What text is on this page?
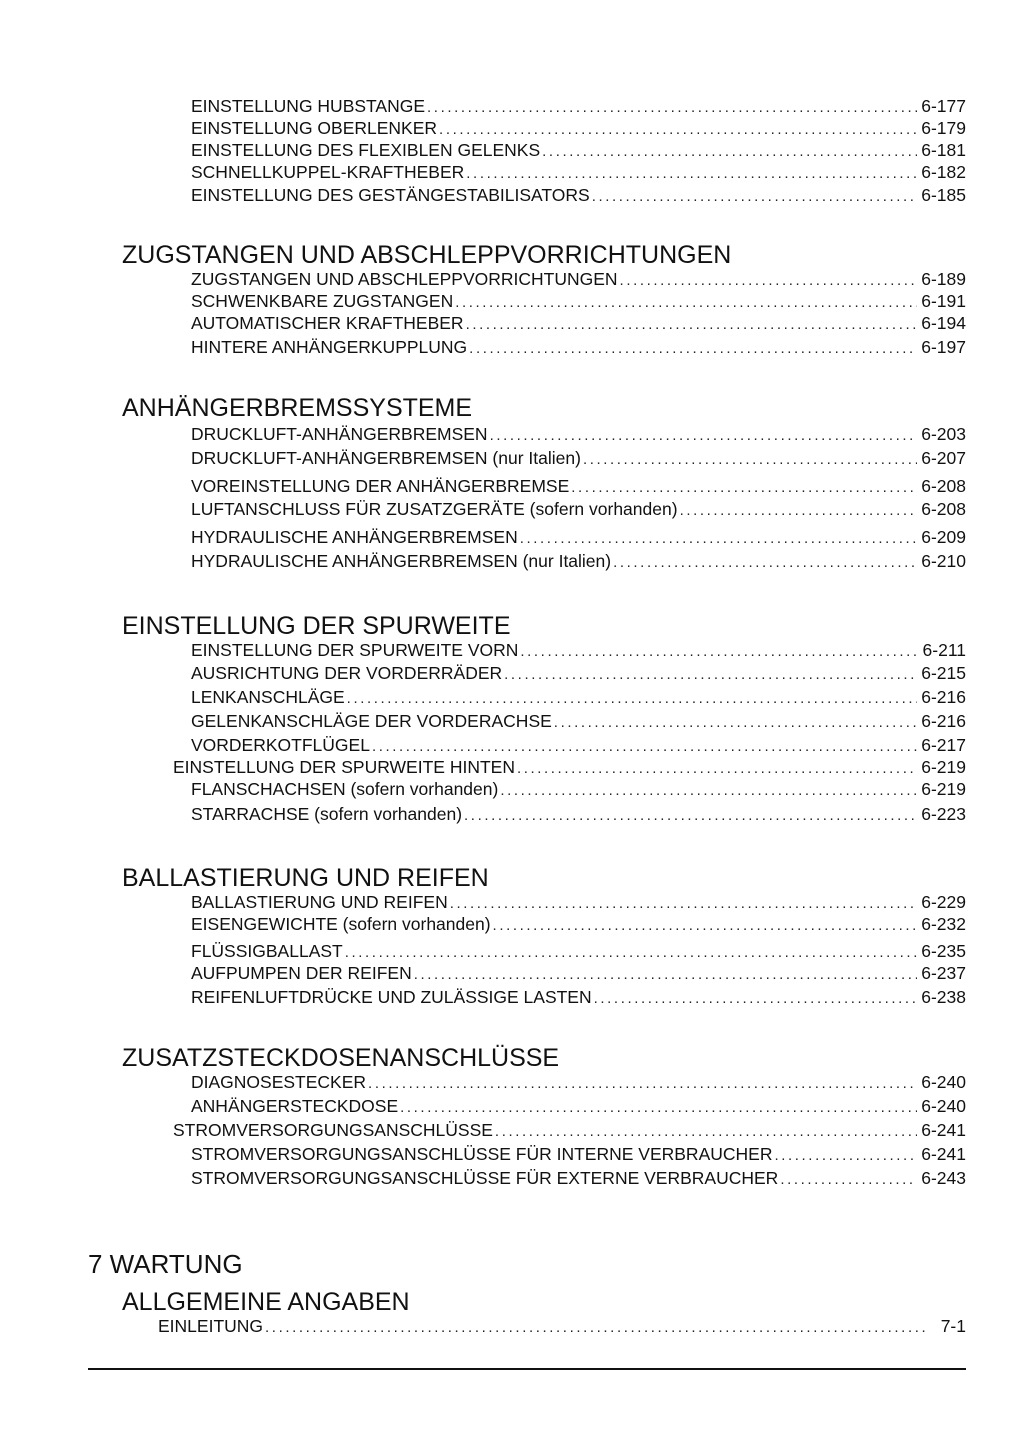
EINSTELLUNG HUBSTANGE .....	6-177
EINSTELLUNG OBERLENKER .....	6-179
EINSTELLUNG DES FLEXIBLEN GELENKS .....	6-181
SCHNELLKUPPEL-KRAFTHEBER .....	6-182
EINSTELLUNG DES GESTÄNGESTABILISATORS .....	6-185
ZUGSTANGEN UND ABSCHLEPPVORRICHTUNGEN
ZUGSTANGEN UND ABSCHLEPPVORRICHTUNGEN .....	6-189
SCHWENKBARE ZUGSTANGEN .....	6-191
AUTOMATISCHER KRAFTHEBER .....	6-194
HINTERE ANHÄNGERKUPPLUNG .....	6-197
ANHÄNGERBREMSSYSTEME
DRUCKLUFT-ANHÄNGERBREMSEN .....	6-203
DRUCKLUFT-ANHÄNGERBREMSEN (nur Italien) .....	6-207
VOREINSTELLUNG DER ANHÄNGERBREMSE .....	6-208
LUFTANSCHLUSS FÜR ZUSATZGERÄTE (sofern vorhanden) .....	6-208
HYDRAULISCHE ANHÄNGERBREMSEN .....	6-209
HYDRAULISCHE ANHÄNGERBREMSEN (nur Italien) .....	6-210
EINSTELLUNG DER SPURWEITE
EINSTELLUNG DER SPURWEITE VORN .....	6-211
AUSRICHTUNG DER VORDERRÄDER .....	6-215
LENKANSCHLÄGE .....	6-216
GELENKANSCHLÄGE DER VORDERACHSE .....	6-216
VORDERKOTFLÜGEL .....	6-217
EINSTELLUNG DER SPURWEITE HINTEN .....	6-219
FLANSCHACHSEN (sofern vorhanden) .....	6-219
STARRACHSE (sofern vorhanden) .....	6-223
BALLASTIERUNG UND REIFEN
BALLASTIERUNG UND REIFEN .....	6-229
EISENGEWICHTE (sofern vorhanden) .....	6-232
FLÜSSIGBALLAST .....	6-235
AUFPUMPEN DER REIFEN .....	6-237
REIFENLUFTDRÜCKE UND ZULÄSSIGE LASTEN .....	6-238
ZUSATZSTECKDOSENANSCHLÜSSE
DIAGNOSESTECKER .....	6-240
ANHÄNGERSTECKDOSE .....	6-240
STROMVERSORGUNGSANSCHLÜSSE .....	6-241
STROMVERSORGUNGSANSCHLÜSSE FÜR INTERNE VERBRAUCHER .....	6-241
STROMVERSORGUNGSANSCHLÜSSE FÜR EXTERNE VERBRAUCHER .....	6-243
7 WARTUNG
ALLGEMEINE ANGABEN
EINLEITUNG .....	7-1
